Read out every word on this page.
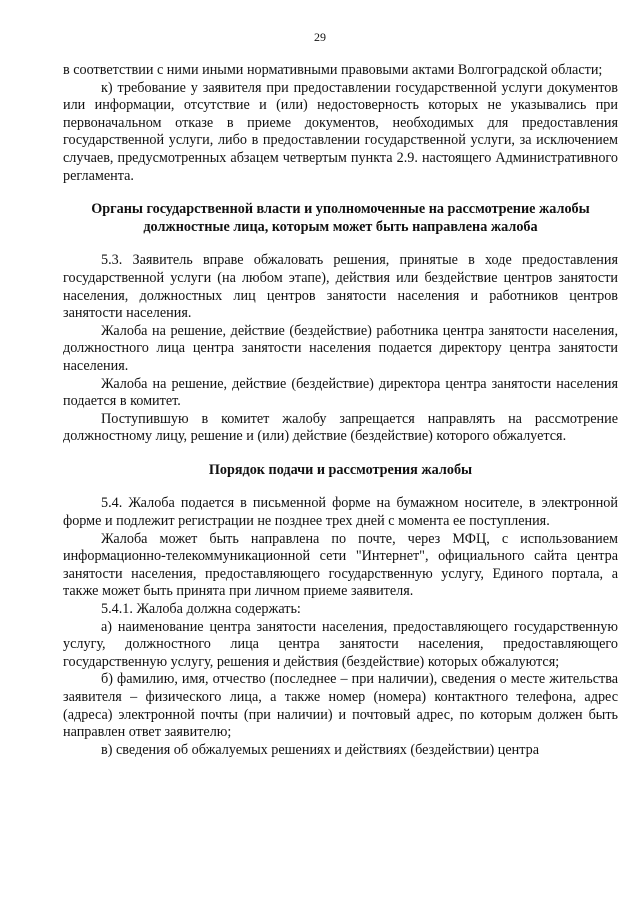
29

в соответствии с ними иными нормативными правовыми актами Волгоградской области;

к) требование у заявителя при предоставлении государственной услуги документов или информации, отсутствие и (или) недостоверность которых не указывались при первоначальном отказе в приеме документов, необходимых для предоставления государственной услуги, либо в предоставлении государственной услуги, за исключением случаев, предусмотренных абзацем четвертым пункта 2.9. настоящего Административного регламента.

Органы государственной власти и уполномоченные на рассмотрение жалобы должностные лица, которым может быть направлена жалоба

5.3. Заявитель вправе обжаловать решения, принятые в ходе предоставления государственной услуги (на любом этапе), действия или бездействие центров занятости населения, должностных лиц центров занятости населения и работников центров занятости населения.

Жалоба на решение, действие (бездействие) работника центра занятости населения, должностного лица центра занятости населения подается директору центра занятости населения.

Жалоба на решение, действие (бездействие) директора центра занятости населения подается в комитет.

Поступившую в комитет жалобу запрещается направлять на рассмотрение должностному лицу, решение и (или) действие (бездействие) которого обжалуется.

Порядок подачи и рассмотрения жалобы

5.4. Жалоба подается в письменной форме на бумажном носителе, в электронной форме и подлежит регистрации не позднее трех дней с момента ее поступления.

Жалоба может быть направлена по почте, через МФЦ, с использованием информационно-телекоммуникационной сети "Интернет", официального сайта центра занятости населения, предоставляющего государственную услугу, Единого портала, а также может быть принята при личном приеме заявителя.

5.4.1. Жалоба должна содержать:

а) наименование центра занятости населения, предоставляющего государственную услугу, должностного лица центра занятости населения, предоставляющего государственную услугу, решения и действия (бездействие) которых обжалуются;

б) фамилию, имя, отчество (последнее – при наличии), сведения о месте жительства заявителя – физического лица, а также номер (номера) контактного телефона, адрес (адреса) электронной почты (при наличии) и почтовый адрес, по которым должен быть направлен ответ заявителю;

в) сведения об обжалуемых решениях и действиях (бездействии) центра
